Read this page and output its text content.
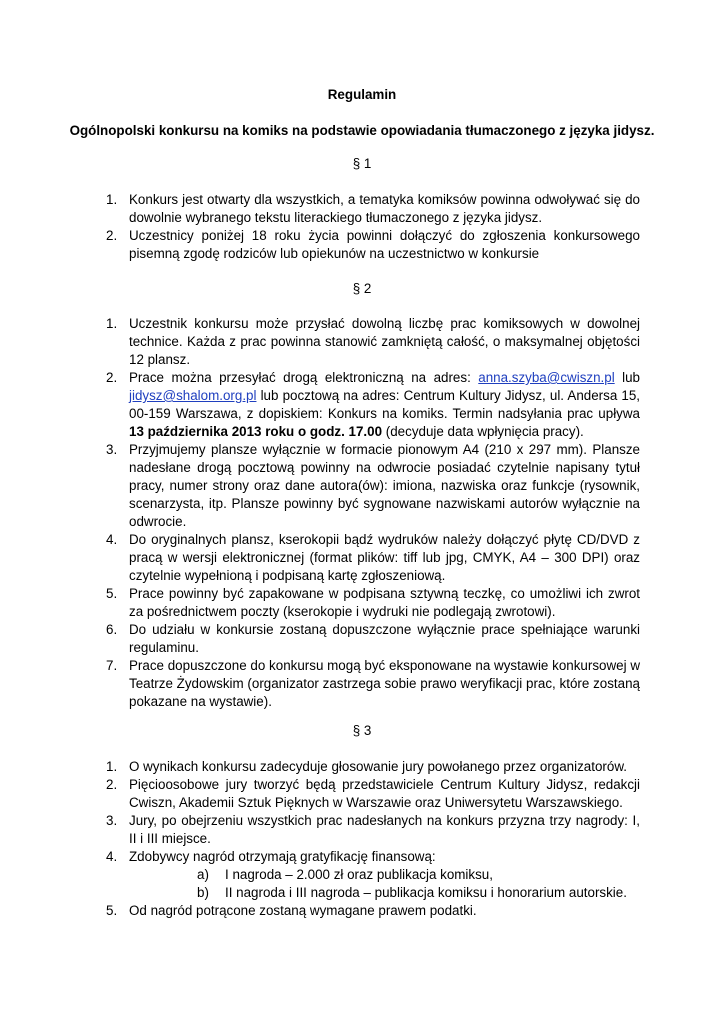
Regulamin
Ogólnopolski konkursu na komiks na podstawie opowiadania tłumaczonego z języka jidysz.
§ 1
1. Konkurs jest otwarty dla wszystkich, a tematyka komiksów powinna odwoływać się do dowolnie wybranego tekstu literackiego tłumaczonego z języka jidysz.
2. Uczestnicy poniżej 18 roku życia powinni dołączyć do zgłoszenia konkursowego pisemną zgodę rodziców lub opiekunów na uczestnictwo w konkursie
§ 2
1. Uczestnik konkursu może przysłać dowolną liczbę prac komiksowych w dowolnej technice. Każda z prac powinna stanowić zamkniętą całość, o maksymalnej objętości 12 plansz.
2. Prace można przesyłać drogą elektroniczną na adres: anna.szyba@cwiszn.pl lub jidysz@shalom.org.pl lub pocztową na adres: Centrum Kultury Jidysz, ul. Andersa 15, 00-159 Warszawa, z dopiskiem: Konkurs na komiks. Termin nadsyłania prac upływa 13 października 2013 roku o godz. 17.00 (decyduje data wpłynięcia pracy).
3. Przyjmujemy plansze wyłącznie w formacie pionowym A4 (210 x 297 mm). Plansze nadesłane drogą pocztową powinny na odwrocie posiadać czytelnie napisany tytuł pracy, numer strony oraz dane autora(ów): imiona, nazwiska oraz funkcje (rysownik, scenarzysta, itp. Plansze powinny być sygnowane nazwiskami autorów wyłącznie na odwrocie.
4. Do oryginalnych plansz, kserokopii bądź wydruków należy dołączyć płytę CD/DVD z pracą w wersji elektronicznej (format plików: tiff lub jpg, CMYK, A4 – 300 DPI) oraz czytelnie wypełnioną i podpisaną kartę zgłoszeniową.
5. Prace powinny być zapakowane w podpisana sztywną teczkę, co umożliwi ich zwrot za pośrednictwem poczty (kserokopie i wydruki nie podlegają zwrotowi).
6. Do udziału w konkursie zostaną dopuszczone wyłącznie prace spełniające warunki regulaminu.
7. Prace dopuszczone do konkursu mogą być eksponowane na wystawie konkursowej w Teatrze Żydowskim (organizator zastrzega sobie prawo weryfikacji prac, które zostaną pokazane na wystawie).
§ 3
1. O wynikach konkursu zadecyduje głosowanie jury powołanego przez organizatorów.
2. Pięcioosobowe jury tworzyć będą przedstawiciele Centrum Kultury Jidysz, redakcji Cwiszn, Akademii Sztuk Pięknych w Warszawie oraz Uniwersytetu Warszawskiego.
3. Jury, po obejrzeniu wszystkich prac nadesłanych na konkurs przyzna trzy nagrody: I, II i III miejsce.
4. Zdobywcy nagród otrzymają gratyfikację finansową:
a) I nagroda – 2.000 zł oraz publikacja komiksu,
b) II nagroda i III nagroda – publikacja komiksu i honorarium autorskie.
5. Od nagród potrącone zostaną wymagane prawem podatki.
